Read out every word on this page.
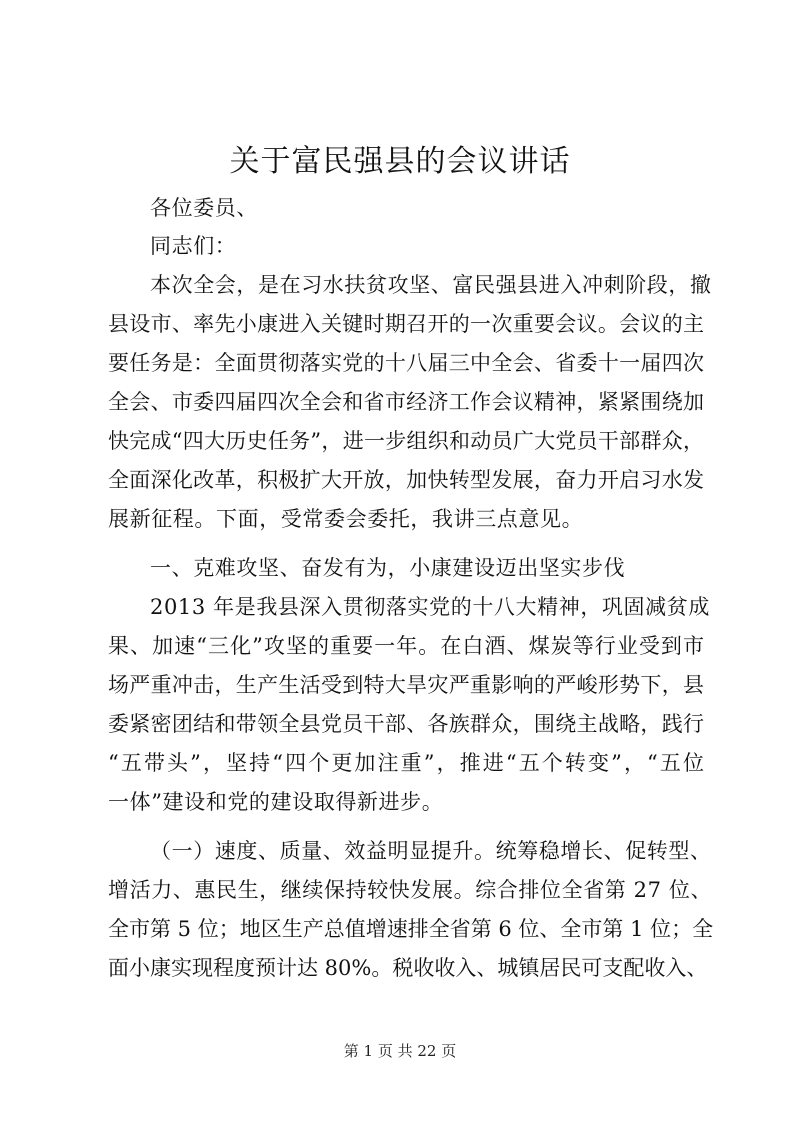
关于富民强县的会议讲话
各位委员、
同志们：
本次全会，是在习水扶贫攻坚、富民强县进入冲刺阶段，撤
县设市、率先小康进入关键时期召开的一次重要会议。会议的主
要任务是：全面贯彻落实党的十八届三中全会、省委十一届四次
全会、市委四届四次全会和省市经济工作会议精神，紧紧围绕加
快完成“四大历史任务”，进一步组织和动员广大党员干部群众，
全面深化改革，积极扩大开放，加快转型发展，奋力开启习水发
展新征程。下面，受常委会委托，我讲三点意见。
一、克难攻坚、奋发有为，小康建设迈出坚实步伐
2013 年是我县深入贯彻落实党的十八大精神，巩固减贫成
果、加速“三化”攻坚的重要一年。在白酒、煤炭等行业受到市
场严重冲击，生产生活受到特大旱灾严重影响的严峻形势下，县
委紧密团结和带领全县党员干部、各族群众，围绕主战略，践行
“五带头”，坚持“四个更加注重”，推进“五个转变”，“五位
一体”建设和党的建设取得新进步。
（一）速度、质量、效益明显提升。统筹稳增长、促转型、
增活力、惠民生，继续保持较快发展。综合排位全省第 27 位、
全市第 5 位；地区生产总值增速排全省第 6 位、全市第 1 位；全
面小康实现程度预计达 80%。税收收入、城镇居民可支配收入、
第 1 页 共 22 页
